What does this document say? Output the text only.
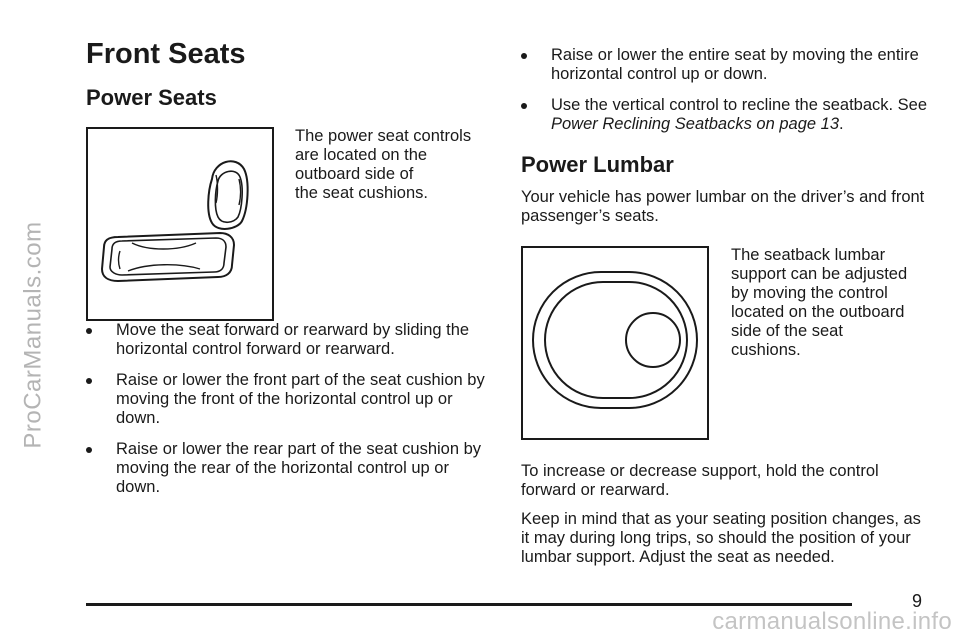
ProCarManuals.com
Front Seats
Power Seats

The power seat controls

are located on the

outboard side of

the seat cushions.

Move the seat forward or rearward by sliding the horizontal control forward or rearward.
Raise or lower the front part of the seat cushion by moving the front of the horizontal control up or down.
Raise or lower the rear part of the seat cushion by moving the rear of the horizontal control up or down.
Raise or lower the entire seat by moving the entire horizontal control up or down.
Use the vertical control to recline the seatback. See Power Reclining Seatbacks on page 13.
Power Lumbar

Your vehicle has power lumbar on the driver’s and front passenger’s seats.

The seatback lumbar

support can be adjusted

by moving the control

located on the outboard

side of the seat

cushions.

To increase or decrease support, hold the control forward or rearward.

Keep in mind that as your seating position changes, as it may during long trips, so should the position of your lumbar support. Adjust the seat as needed.

9
carmanualsonline.info
